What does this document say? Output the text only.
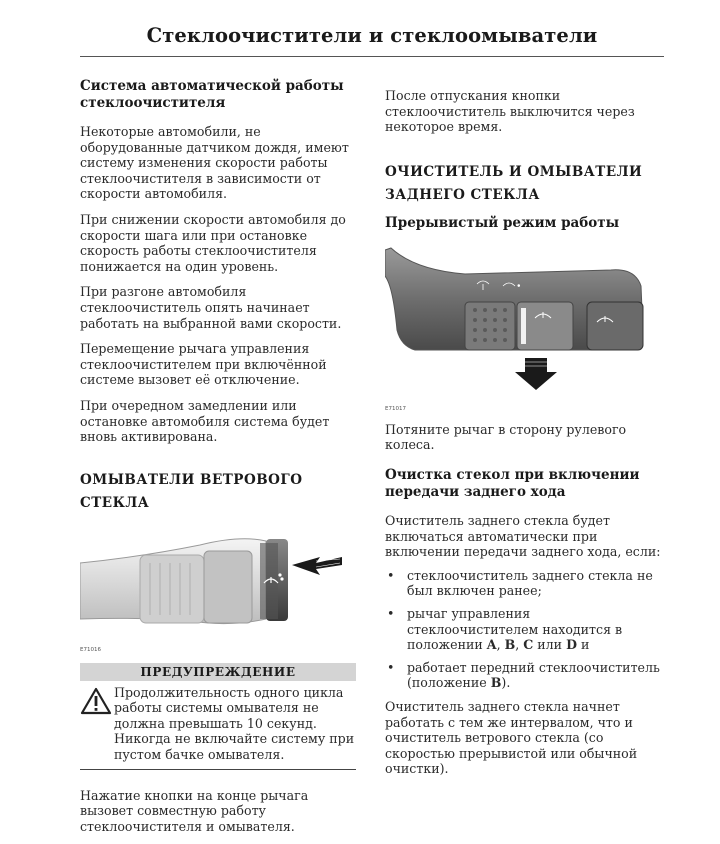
Стеклоочистители и стеклоомыватели
Система автоматической работы стеклоочистителя
Некоторые автомобили, не оборудованные датчиком дождя, имеют систему изменения скорости работы стеклоочистителя в зависимости от скорости автомобиля.
При снижении скорости автомобиля до скорости шага или при остановке скорость работы стеклоочистителя понижается на один уровень.
При разгоне автомобиля стеклоочиститель опять начинает работать на выбранной вами скорости.
Перемещение рычага управления стеклоочистителем при включённой системе вызовет её отключение.
При очередном замедлении или остановке автомобиля система будет вновь активирована.
ОМЫВАТЕЛИ ВЕТРОВОГО
СТЕКЛА
E71016
ПРЕДУПРЕЖДЕНИЕ
Продолжительность одного цикла работы системы омывателя не должна превышать 10 секунд. Никогда не включайте систему при пустом бачке омывателя.
Нажатие кнопки на конце рычага вызовет совместную работу стеклоочистителя и омывателя.
После отпускания кнопки стеклоочиститель выключится через некоторое время.
ОЧИСТИТЕЛЬ И ОМЫВАТЕЛИ
ЗАДНЕГО СТЕКЛА
Прерывистый режим работы
•
E71017
Потяните рычаг в сторону рулевого колеса.
Очистка стекол при включении передачи заднего хода
Очиститель заднего стекла будет включаться автоматически при включении передачи заднего хода, если:
• стеклоочиститель заднего стекла не был включен ранее;
• рычаг управления стеклоочистителем находится в положении A, B, C или D и
• работает передний стеклоочиститель (положение B).
Очиститель заднего стекла начнет работать с тем же интервалом, что и очиститель ветрового стекла (со скоростью прерывистой или обычной очистки).
